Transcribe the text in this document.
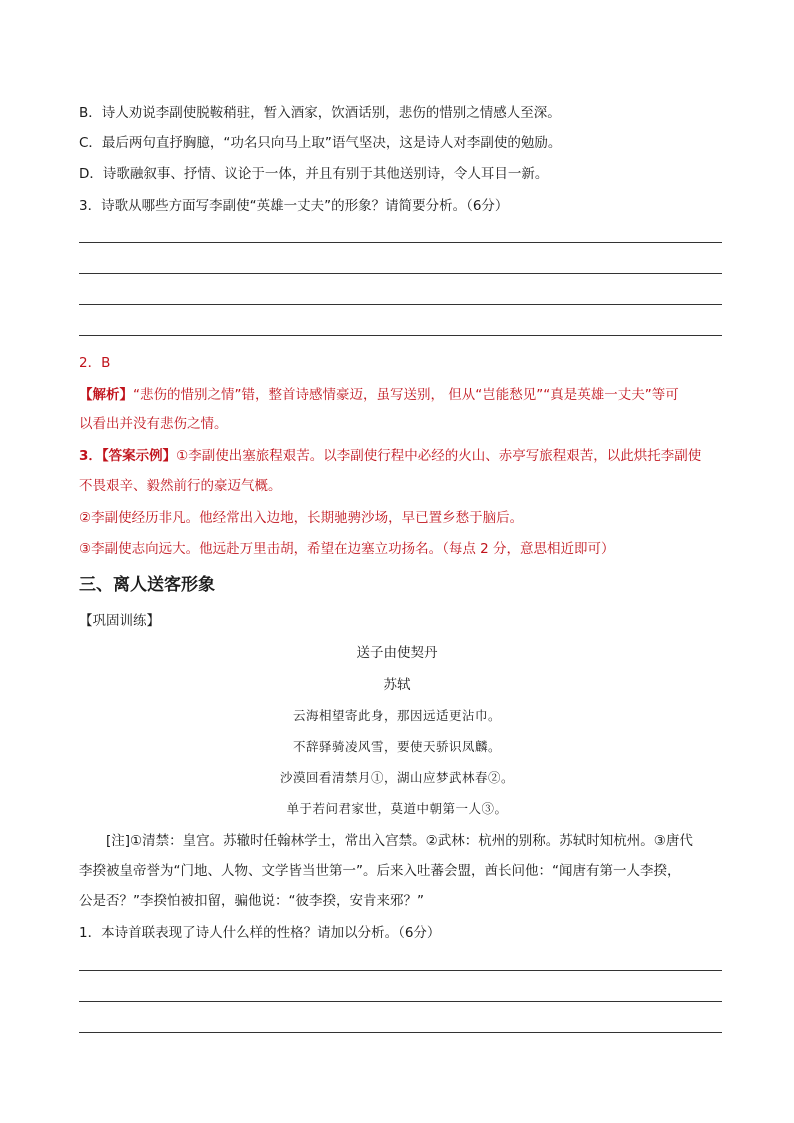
B．诗人劝说李副使脱鞍稍驻，暂入酒家，饮酒话别，悲伤的惜别之情感人至深。
C．最后两句直抒胸臆，“功名只向马上取”语气坚决，这是诗人对李副使的勉励。
D．诗歌融叙事、抒情、议论于一体，并且有别于其他送别诗，令人耳目一新。
3．诗歌从哪些方面写李副使“英雄一丈夫”的形象？请简要分析。（6分）
2．B
【解析】“悲伤的惜别之情”错，整首诗感情豪迈，虽写送别， 但从“岂能愁见”“真是英雄一丈夫”等可
以看出并没有悲伤之情。
3．【答案示例】①李副使出塞旅程艰苦。以李副使行程中必经的火山、赤亭写旅程艰苦，以此烘托李副使
不畏艰辛、毅然前行的豪迈气概。
②李副使经历非凡。他经常出入边地，长期驰骋沙场，早已置乡愁于脑后。
③李副使志向远大。他远赴万里击胡，希望在边塞立功扬名。（每点 2 分，意思相近即可）
三、离人送客形象
【巩固训练】
送子由使契丹
苏轼
云海相望寄此身，那因远适更沾巾。
不辞驿骑凌风雪，要使天骄识凤麟。
沙漠回看清禁月①，湖山应梦武林春②。
单于若问君家世，莫道中朝第一人③。
[注]①清禁：皇宫。苏辙时任翰林学士，常出入宫禁。②武林：杭州的别称。苏轼时知杭州。③唐代
李揆被皇帝誉为“门地、人物、文学皆当世第一”。后来入吐蕃会盟，酋长问他：“闻唐有第一人李揆，
公是否？”李揆怕被扣留，骗他说：“彼李揆，安肯来邪？”
1．本诗首联表现了诗人什么样的性格？请加以分析。（6分）
